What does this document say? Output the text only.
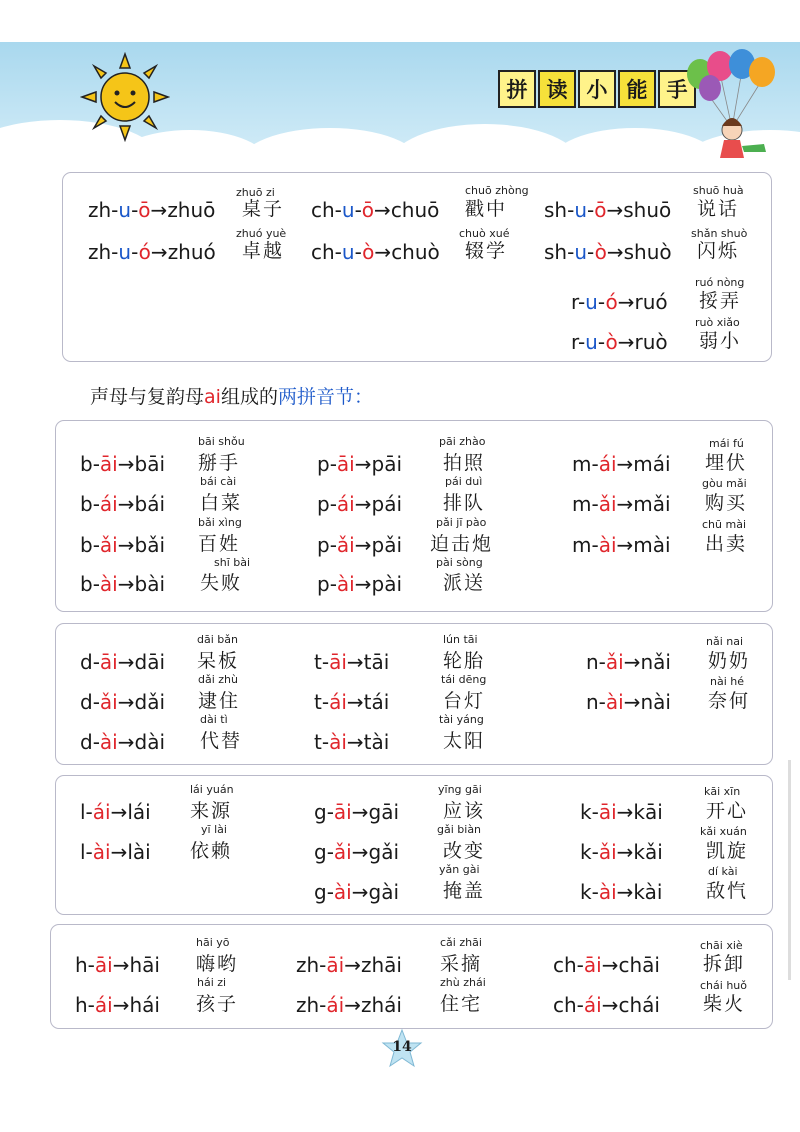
拼 读 小 能 手
zh-u-ō→zhuō
zhuō zi
桌子 ch-u-ō→chuō
chuō zhòng
戳中 sh-u-ō→shuō
shuō huà
说话
zh-u-ó→zhuó
zhuó yuè
卓越 ch-u-ò→chuò
chuò xué
辍学 sh-u-ò→shuò
shǎn shuò
闪烁
r-u-ó→ruó
ruó nòng
挼弄
r-u-ò→ruò
ruò xiǎo
弱小
声母与复韵母ai组成的两拼音节：
b-āi→bāi
bāi shǒu
掰手
b-ái→bái
bái cài
白菜
b-ǎi→bǎi
bǎi xìng
百姓
b-ài→bài
shī bài
失败
p-āi→pāi
pāi zhào
拍照
p-ái→pái
pái duì
排队
p-ǎi→pǎi
pǎi jī pào
迫击炮
p-ài→pài
pài sòng
派送
m-ái→mái
mái fú
埋伏
m-ǎi→mǎi
gòu mǎi
购买
m-ài→mài
chū mài
出卖
d-āi→dāi
dāi bǎn
呆板
d-ǎi→dǎi
dǎi zhù
逮住
d-ài→dài
dài tì
代替
t-āi→tāi
lún tāi
轮胎
t-ái→tái
tái dēng
台灯
t-ài→tài
tài yáng
太阳
n-ǎi→nǎi
nǎi nai
奶奶
n-ài→nài
nài hé
奈何
l-ái→lái
lái yuán
来源
l-ài→lài
yī lài
依赖
g-āi→gāi
yīng gāi
应该
g-ǎi→gǎi
gǎi biàn
改变
g-ài→gài
yǎn gài
掩盖
k-āi→kāi
kāi xīn
开心
k-ǎi→kǎi
kǎi xuán
凯旋
k-ài→kài
dí kài
敌忾
h-āi→hāi
hāi yō
嗨哟
h-ái→hái
hái zi
孩子
zh-āi→zhāi
cǎi zhāi
采摘
zh-ái→zhái
zhù zhái
住宅
ch-āi→chāi
chāi xiè
拆卸
ch-ái→chái
chái huǒ
柴火
14
